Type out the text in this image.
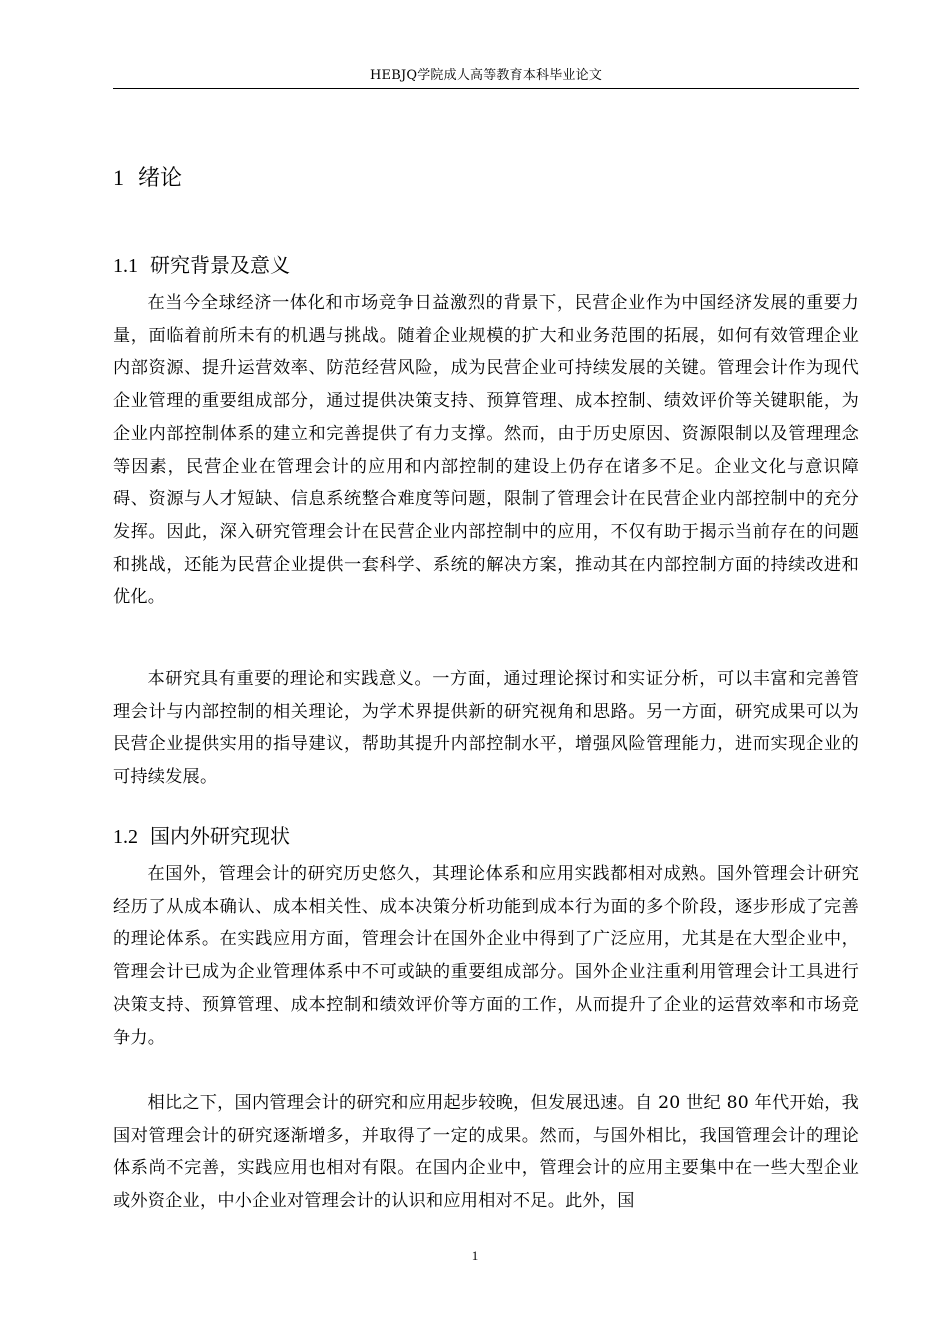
HEBJQ学院成人高等教育本科毕业论文
1 绪论
1.1 研究背景及意义

在当今全球经济一体化和市场竞争日益激烈的背景下，民营企业作为中国经济发展的重要力量，面临着前所未有的机遇与挑战。随着企业规模的扩大和业务范围的拓展，如何有效管理企业内部资源、提升运营效率、防范经营风险，成为民营企业可持续发展的关键。管理会计作为现代企业管理的重要组成部分，通过提供决策支持、预算管理、成本控制、绩效评价等关键职能，为企业内部控制体系的建立和完善提供了有力支撑。然而，由于历史原因、资源限制以及管理理念等因素，民营企业在管理会计的应用和内部控制的建设上仍存在诸多不足。企业文化与意识障碍、资源与人才短缺、信息系统整合难度等问题，限制了管理会计在民营企业内部控制中的充分发挥。因此，深入研究管理会计在民营企业内部控制中的应用，不仅有助于揭示当前存在的问题和挑战，还能为民营企业提供一套科学、系统的解决方案，推动其在内部控制方面的持续改进和优化。

本研究具有重要的理论和实践意义。一方面，通过理论探讨和实证分析，可以丰富和完善管理会计与内部控制的相关理论，为学术界提供新的研究视角和思路。另一方面，研究成果可以为民营企业提供实用的指导建议，帮助其提升内部控制水平，增强风险管理能力，进而实现企业的可持续发展。

1.2 国内外研究现状

在国外，管理会计的研究历史悠久，其理论体系和应用实践都相对成熟。国外管理会计研究经历了从成本确认、成本相关性、成本决策分析功能到成本行为面的多个阶段，逐步形成了完善的理论体系。在实践应用方面，管理会计在国外企业中得到了广泛应用，尤其是在大型企业中，管理会计已成为企业管理体系中不可或缺的重要组成部分。国外企业注重利用管理会计工具进行决策支持、预算管理、成本控制和绩效评价等方面的工作，从而提升了企业的运营效率和市场竞争力。

相比之下，国内管理会计的研究和应用起步较晚，但发展迅速。自 20 世纪 80 年代开始，我国对管理会计的研究逐渐增多，并取得了一定的成果。然而，与国外相比，我国管理会计的理论体系尚不完善，实践应用也相对有限。在国内企业中，管理会计的应用主要集中在一些大型企业或外资企业，中小企业对管理会计的认识和应用相对不足。此外，国

1
